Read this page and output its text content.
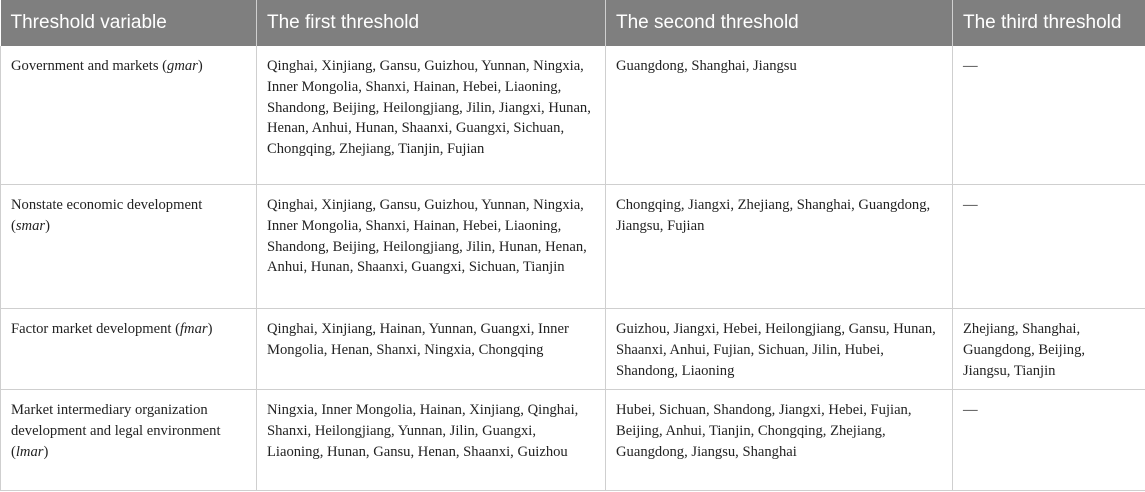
Threshold variable	The first threshold	The second threshold	The third threshold
Government and markets (gmar)	Qinghai, Xinjiang, Gansu, Guizhou, Yunnan, Ningxia, Inner Mongolia, Shanxi, Hainan, Hebei, Liaoning, Shandong, Beijing, Heilongjiang, Jilin, Jiangxi, Hunan, Henan, Anhui, Hunan, Shaanxi, Guangxi, Sichuan, Chongqing, Zhejiang, Tianjin, Fujian	Guangdong, Shanghai, Jiangsu	—
Nonstate economic development (smar)	Qinghai, Xinjiang, Gansu, Guizhou, Yunnan, Ningxia, Inner Mongolia, Shanxi, Hainan, Hebei, Liaoning, Shandong, Beijing, Heilongjiang, Jilin, Hunan, Henan, Anhui, Hunan, Shaanxi, Guangxi, Sichuan, Tianjin	Chongqing, Jiangxi, Zhejiang, Shanghai, Guangdong, Jiangsu, Fujian	—
Factor market development (fmar)	Qinghai, Xinjiang, Hainan, Yunnan, Guangxi, Inner Mongolia, Henan, Shanxi, Ningxia, Chongqing	Guizhou, Jiangxi, Hebei, Heilongjiang, Gansu, Hunan, Shaanxi, Anhui, Fujian, Sichuan, Jilin, Hubei, Shandong, Liaoning	Zhejiang, Shanghai, Guangdong, Beijing, Jiangsu, Tianjin
Market intermediary organization development and legal environment (lmar)	Ningxia, Inner Mongolia, Hainan, Xinjiang, Qinghai, Shanxi, Heilongjiang, Yunnan, Jilin, Guangxi, Liaoning, Hunan, Gansu, Henan, Shaanxi, Guizhou	Hubei, Sichuan, Shandong, Jiangxi, Hebei, Fujian, Beijing, Anhui, Tianjin, Chongqing, Zhejiang, Guangdong, Jiangsu, Shanghai	—
